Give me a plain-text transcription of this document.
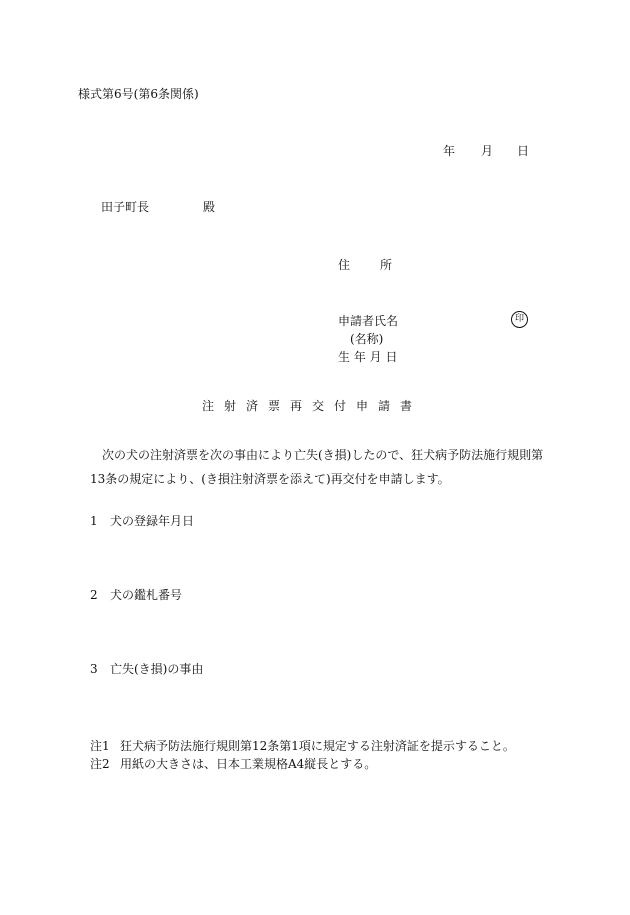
様式第6号(第6条関係)
年 月 日
田子町長	殿
住	所
申請者氏名	印
(名称)
生 年 月 日
注射済票再交付申請書
次の犬の注射済票を次の事由により亡失(き損)したので、狂犬病予防法施行規則第13条の規定により、(き損注射済票を添えて)再交付を申請します。
1 犬の登録年月日
2 犬の鑑札番号
3 亡失(き損)の事由
注1 狂犬病予防法施行規則第12条第1項に規定する注射済証を提示すること。
注2 用紙の大きさは、日本工業規格A4縦長とする。
